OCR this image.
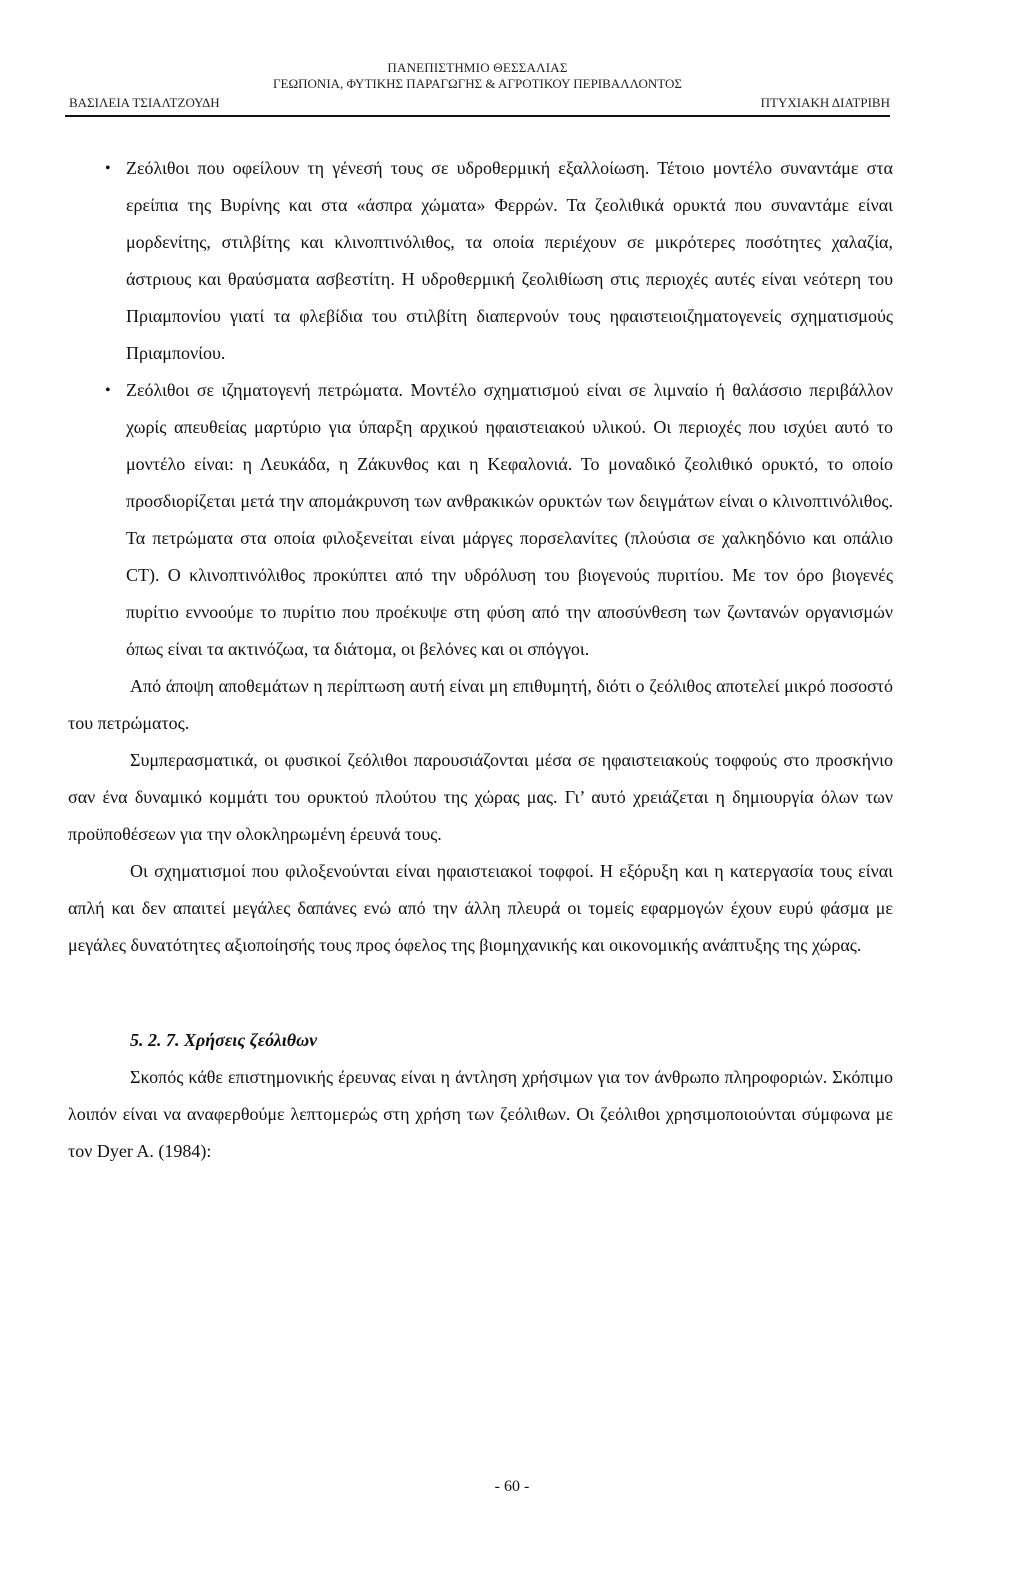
ΠΑΝΕΠΙΣΤΗΜΙΟ ΘΕΣΣΑΛΙΑΣ
ΓΕΩΠΟΝΙΑ, ΦΥΤΙΚΗΣ ΠΑΡΑΓΩΓΗΣ & ΑΓΡΟΤΙΚΟΥ ΠΕΡΙΒΑΛΛΟΝΤΟΣ
ΒΑΣΙΛΕΙΑ ΤΣΙΑΛΤΖΟΥΔΗ	ΠΤΥΧΙΑΚΗ ΔΙΑΤΡΙΒΗ

• Ζεόλιθοι που οφείλουν τη γένεσή τους σε υδροθερμική εξαλλοίωση. Τέτοιο μοντέλο συναντάμε στα ερείπια της Βυρίνης και στα «άσπρα χώματα» Φερρών. Τα ζεολιθικά ορυκτά που συναντάμε είναι μορδενίτης, στιλβίτης και κλινοπτινόλιθος, τα οποία περιέχουν σε μικρότερες ποσότητες χαλαζία, άστριους και θραύσματα ασβεστίτη. Η υδροθερμική ζεολιθίωση στις περιοχές αυτές είναι νεότερη του Πριαμπονίου γιατί τα φλεβίδια του στιλβίτη διαπερνούν τους ηφαιστειοιζηματογενείς σχηματισμούς Πριαμπονίου.

• Ζεόλιθοι σε ιζηματογενή πετρώματα. Μοντέλο σχηματισμού είναι σε λιμναίο ή θαλάσσιο περιβάλλον χωρίς απευθείας μαρτύριο για ύπαρξη αρχικού ηφαιστειακού υλικού. Οι περιοχές που ισχύει αυτό το μοντέλο είναι: η Λευκάδα, η Ζάκυνθος και η Κεφαλονιά. Το μοναδικό ζεολιθικό ορυκτό, το οποίο προσδιορίζεται μετά την απομάκρυνση των ανθρακικών ορυκτών των δειγμάτων είναι ο κλινοπτινόλιθος. Τα πετρώματα στα οποία φιλοξενείται είναι μάργες πορσελανίτες (πλούσια σε χαλκηδόνιο και οπάλιο CT). Ο κλινοπτινόλιθος προκύπτει από την υδρόλυση του βιογενούς πυριτίου. Με τον όρο βιογενές πυρίτιο εννοούμε το πυρίτιο που προέκυψε στη φύση από την αποσύνθεση των ζωντανών οργανισμών όπως είναι τα ακτινόζωα, τα διάτομα, οι βελόνες και οι σπόγγοι.

Από άποψη αποθεμάτων η περίπτωση αυτή είναι μη επιθυμητή, διότι ο ζεόλιθος αποτελεί μικρό ποσοστό του πετρώματος.

Συμπερασματικά, οι φυσικοί ζεόλιθοι παρουσιάζονται μέσα σε ηφαιστειακούς τοφφούς στο προσκήνιο σαν ένα δυναμικό κομμάτι του ορυκτού πλούτου της χώρας μας. Γι’ αυτό χρειάζεται η δημιουργία όλων των προϋποθέσεων για την ολοκληρωμένη έρευνά τους.

Οι σχηματισμοί που φιλοξενούνται είναι ηφαιστειακοί τοφφοί. Η εξόρυξη και η κατεργασία τους είναι απλή και δεν απαιτεί μεγάλες δαπάνες ενώ από την άλλη πλευρά οι τομείς εφαρμογών έχουν ευρύ φάσμα με μεγάλες δυνατότητες αξιοποίησής τους προς όφελος της βιομηχανικής και οικονομικής ανάπτυξης της χώρας.

5. 2. 7. Χρήσεις ζεόλιθων

Σκοπός κάθε επιστημονικής έρευνας είναι η άντληση χρήσιμων για τον άνθρωπο πληροφοριών. Σκόπιμο λοιπόν είναι να αναφερθούμε λεπτομερώς στη χρήση των ζεόλιθων. Οι ζεόλιθοι χρησιμοποιούνται σύμφωνα με τον Dyer A. (1984):

- 60 -
